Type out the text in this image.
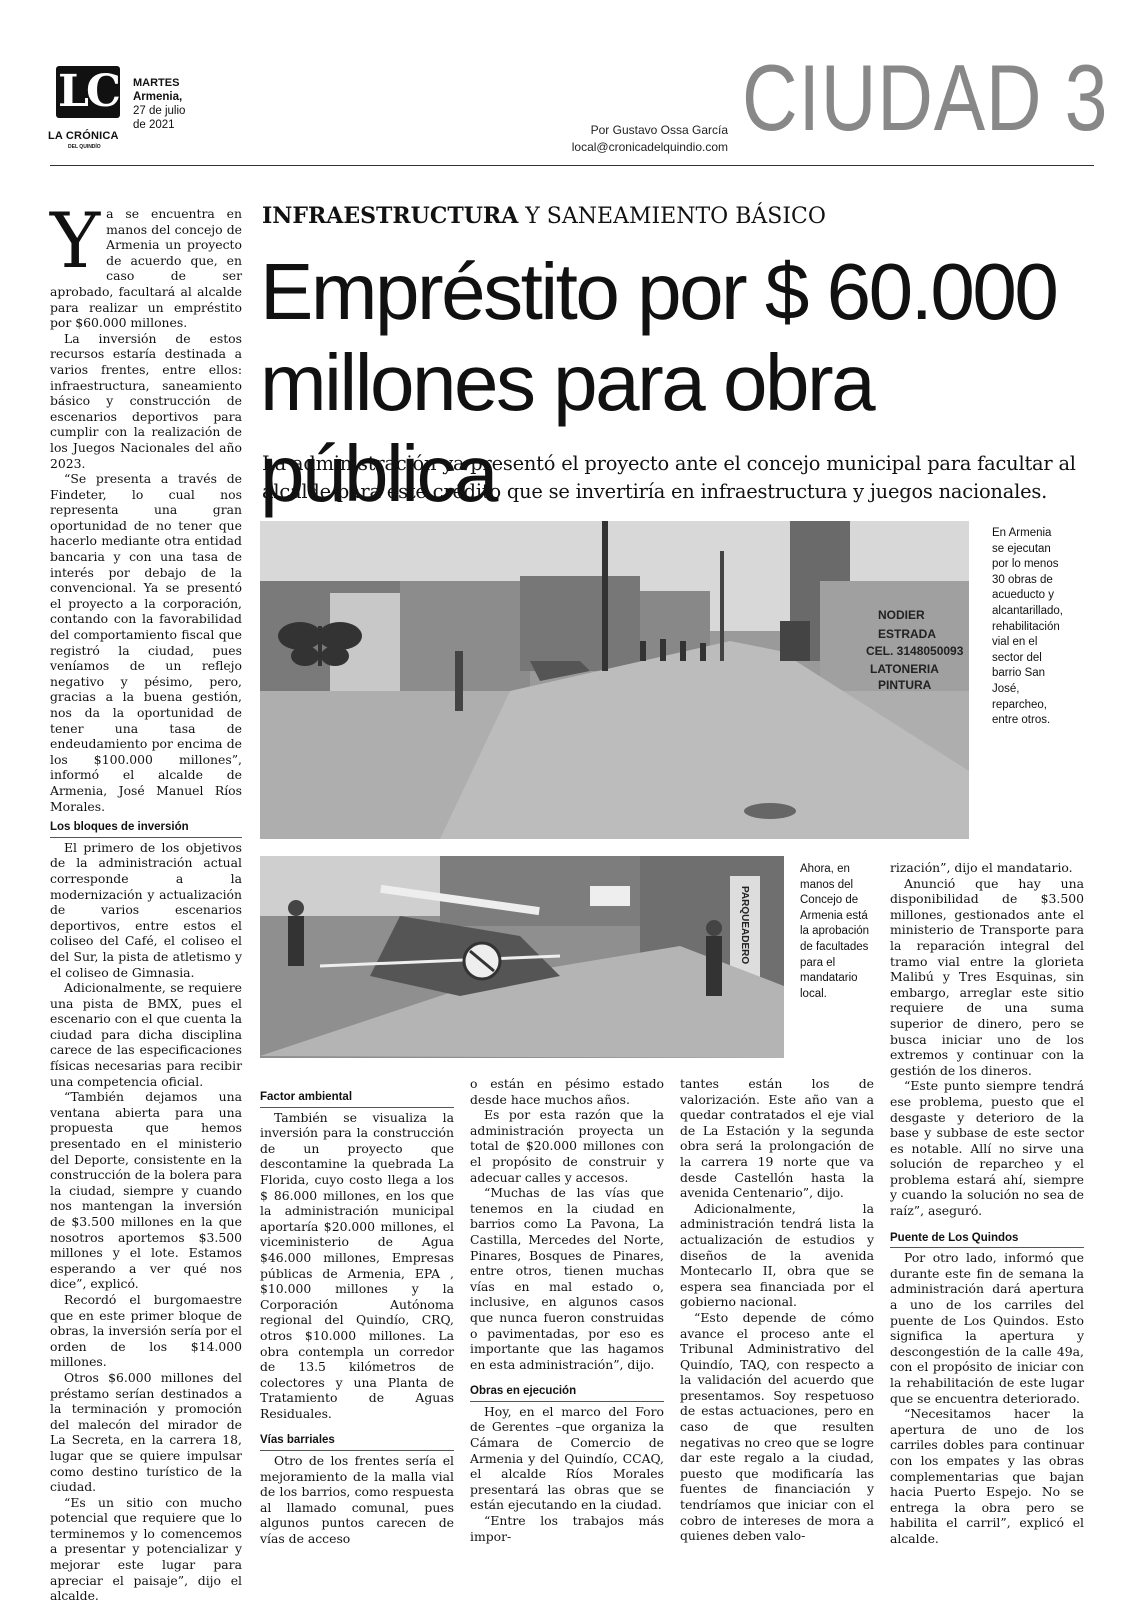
LC
LA CRÓNICA
DEL QUINDÍO
MARTES
Armenia,
27 de julio
de 2021	Por Gustavo Ossa García
local@cronicadelquindio.com CIUDAD 3
INFRAESTRUCTURA Y SANEAMIENTO BÁSICO
Empréstito por $ 60.000
millones para obra pública
La administración ya presentó el proyecto ante el concejo municipal para facultar al alcalde para este crédito que se invertiría en infraestructura y juegos nacionales.
NODIER
ESTRADA
CEL. 3148050093
LATONERIA
PINTURA
En Armenia se ejecutan por lo menos 30 obras de acueducto y alcantarillado, rehabilitación vial en el sector del barrio San José, reparcheo, entre otros.
PARQUEADERO
Ahora, en manos del Concejo de Armenia está la aprobación de facultades para el mandatario local.

Ya se encuentra en manos del concejo de Armenia un proyecto de acuerdo que, en caso de ser aprobado, facultará al alcalde para realizar un empréstito por $60.000 millones.

La inversión de estos recursos estaría destinada a varios frentes, entre ellos: infraestructura, saneamiento básico y construcción de escenarios deportivos para cumplir con la realización de los Juegos Nacionales del año 2023.

“Se presenta a través de Findeter, lo cual nos representa una gran oportunidad de no tener que hacerlo mediante otra entidad bancaria y con una tasa de interés por debajo de la convencional. Ya se presentó el proyecto a la corporación, contando con la favorabilidad del comportamiento fiscal que registró la ciudad, pues veníamos de un reflejo negativo y pésimo, pero, gracias a la buena gestión, nos da la oportunidad de tener una tasa de endeudamiento por encima de los $100.000 millones”, informó el alcalde de Armenia, José Manuel Ríos Morales.

Los bloques de inversión

El primero de los objetivos de la administración actual corresponde a la modernización y actualización de varios escenarios deportivos, entre estos el coliseo del Café, el coliseo el del Sur, la pista de atletismo y el coliseo de Gimnasia.

Adicionalmente, se requiere una pista de BMX, pues el escenario con el que cuenta la ciudad para dicha disciplina carece de las especificaciones físicas necesarias para recibir una competencia oficial.

“También dejamos una ventana abierta para una propuesta que hemos presentado en el ministerio del Deporte, consistente en la construcción de la bolera para la ciudad, siempre y cuando nos mantengan la inversión de $3.500 millones en la que nosotros aportemos $3.500 millones y el lote. Estamos esperando a ver qué nos dice”, explicó.

Recordó el burgomaestre que en este primer bloque de obras, la inversión sería por el orden de los $14.000 millones.

Otros $6.000 millones del préstamo serían destinados a la terminación y promoción del malecón del mirador de La Secreta, en la carrera 18, lugar que se quiere impulsar como destino turístico de la ciudad.

“Es un sitio con mucho potencial que requiere que lo terminemos y lo comencemos a presentar y potencializar y mejorar este lugar para apreciar el paisaje”, dijo el alcalde.

Factor ambiental

También se visualiza la inversión para la construcción de un proyecto que descontamine la quebrada La Florida, cuyo costo llega a los $ 86.000 millones, en los que la administración municipal aportaría $20.000 millones, el viceministerio de Agua $46.000 millones, Empresas públicas de Armenia, EPA , $10.000 millones y la Corporación Autónoma regional del Quindío, CRQ, otros $10.000 millones. La obra contempla un corredor de 13.5 kilómetros de colectores y una Planta de Tratamiento de Aguas Residuales.

Vías barriales

Otro de los frentes sería el mejoramiento de la malla vial de los barrios, como respuesta al llamado comunal, pues algunos puntos carecen de vías de acceso

o están en pésimo estado desde hace muchos años.

Es por esta razón que la administración proyecta un total de $20.000 millones con el propósito de construir y adecuar calles y accesos.

“Muchas de las vías que tenemos en la ciudad en barrios como La Pavona, La Castilla, Mercedes del Norte, Pinares, Bosques de Pinares, entre otros, tienen muchas vías en mal estado o, inclusive, en algunos casos que nunca fueron construidas o pavimentadas, por eso es importante que las hagamos en esta administración”, dijo.

Obras en ejecución

Hoy, en el marco del Foro de Gerentes –que organiza la Cámara de Comercio de Armenia y del Quindío, CCAQ, el alcalde Ríos Morales presentará las obras que se están ejecutando en la ciudad.

“Entre los trabajos más impor-

tantes están los de valorización. Este año van a quedar contratados el eje vial de La Estación y la segunda obra será la prolongación de la carrera 19 norte que va desde Castellón hasta la avenida Centenario”, dijo.

Adicionalmente, la administración tendrá lista la actualización de estudios y diseños de la avenida Montecarlo II, obra que se espera sea financiada por el gobierno nacional.

“Esto depende de cómo avance el proceso ante el Tribunal Administrativo del Quindío, TAQ, con respecto a la validación del acuerdo que presentamos. Soy respetuoso de estas actuaciones, pero en caso de que resulten negativas no creo que se logre dar este regalo a la ciudad, puesto que modificaría las fuentes de financiación y tendríamos que iniciar con el cobro de intereses de mora a quienes deben valo-

rización”, dijo el mandatario.

Anunció que hay una disponibilidad de $3.500 millones, gestionados ante el ministerio de Transporte para la reparación integral del tramo vial entre la glorieta Malibú y Tres Esquinas, sin embargo, arreglar este sitio requiere de una suma superior de dinero, pero se busca iniciar uno de los extremos y continuar con la gestión de los dineros.

“Este punto siempre tendrá ese problema, puesto que el desgaste y deterioro de la base y subbase de este sector es notable. Allí no sirve una solución de reparcheo y el problema estará ahí, siempre y cuando la solución no sea de raíz”, aseguró.

Puente de Los Quindos

Por otro lado, informó que durante este fin de semana la administración dará apertura a uno de los carriles del puente de Los Quindos. Esto significa la apertura y descongestión de la calle 49a, con el propósito de iniciar con la rehabilitación de este lugar que se encuentra deteriorado.

“Necesitamos hacer la apertura de uno de los carriles dobles para continuar con los empates y las obras complementarias que bajan hacia Puerto Espejo. No se entrega la obra pero se habilita el carril”, explicó el alcalde.
